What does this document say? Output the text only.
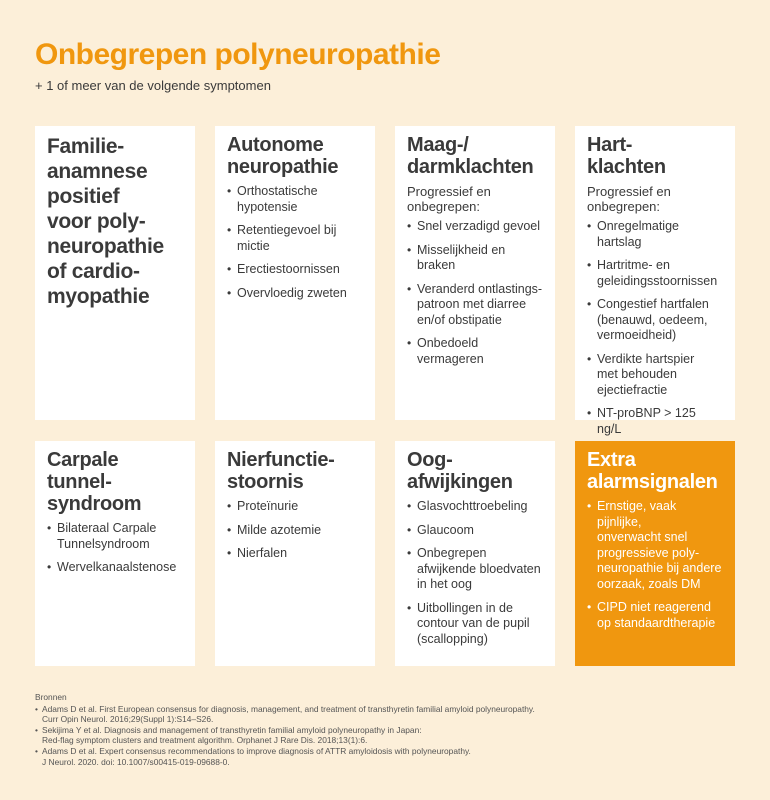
Onbegrepen polyneuropathie
+ 1 of meer van de volgende symptomen
Familie-
anamnese
positief
voor poly-
neuropathie
of cardio-
myopathie
Autonome
neuropathie
• Orthostatische
hypotensie
• Retentiegevoel bij
mictie
• Erectiestoornissen
• Overvloedig zweten
Maag-/
darmklachten
Progressief en
onbegrepen:
• Snel verzadigd gevoel
• Misselijkheid en
braken
• Veranderd ontlastings-
patroon met diarree
en/of obstipatie
• Onbedoeld
vermageren
Hart-
klachten
Progressief en
onbegrepen:
• Onregelmatige hartslag
• Hartritme- en
geleidingsstoornissen
• Congestief hartfalen
(benauwd, oedeem,
vermoeidheid)
• Verdikte hartspier
met behouden
ejectiefractie
• NT-proBNP > 125 ng/L
Carpale tunnel-
syndroom
• Bilateraal Carpale
Tunnelsyndroom
• Wervelkanaalstenose
Nierfunctie-
stoornis
• Proteïnurie
• Milde azotemie
• Nierfalen
Oog-
afwijkingen
• Glasvochttroebeling
• Glaucoom
• Onbegrepen
afwijkende bloedvaten
in het oog
• Uitbollingen in de
contour van de pupil
(scallopping)
Extra
alarmsignalen
• Ernstige, vaak pijnlijke,
onverwacht snel
progressieve poly-
neuropathie bij andere
oorzaak, zoals DM
• CIPD niet reagerend
op standaardtherapie
Bronnen
• Adams D et al. First European consensus for diagnosis, management, and treatment of transthyretin familial amyloid polyneuropathy.
Curr Opin Neurol. 2016;29(Suppl 1):S14–S26.
• Sekijima Y et al. Diagnosis and management of transthyretin familial amyloid polyneuropathy in Japan:
Red-flag symptom clusters and treatment algorithm. Orphanet J Rare Dis. 2018;13(1):6.
• Adams D et al. Expert consensus recommendations to improve diagnosis of ATTR amyloidosis with polyneuropathy.
J Neurol. 2020. doi: 10.1007/s00415-019-09688-0.
